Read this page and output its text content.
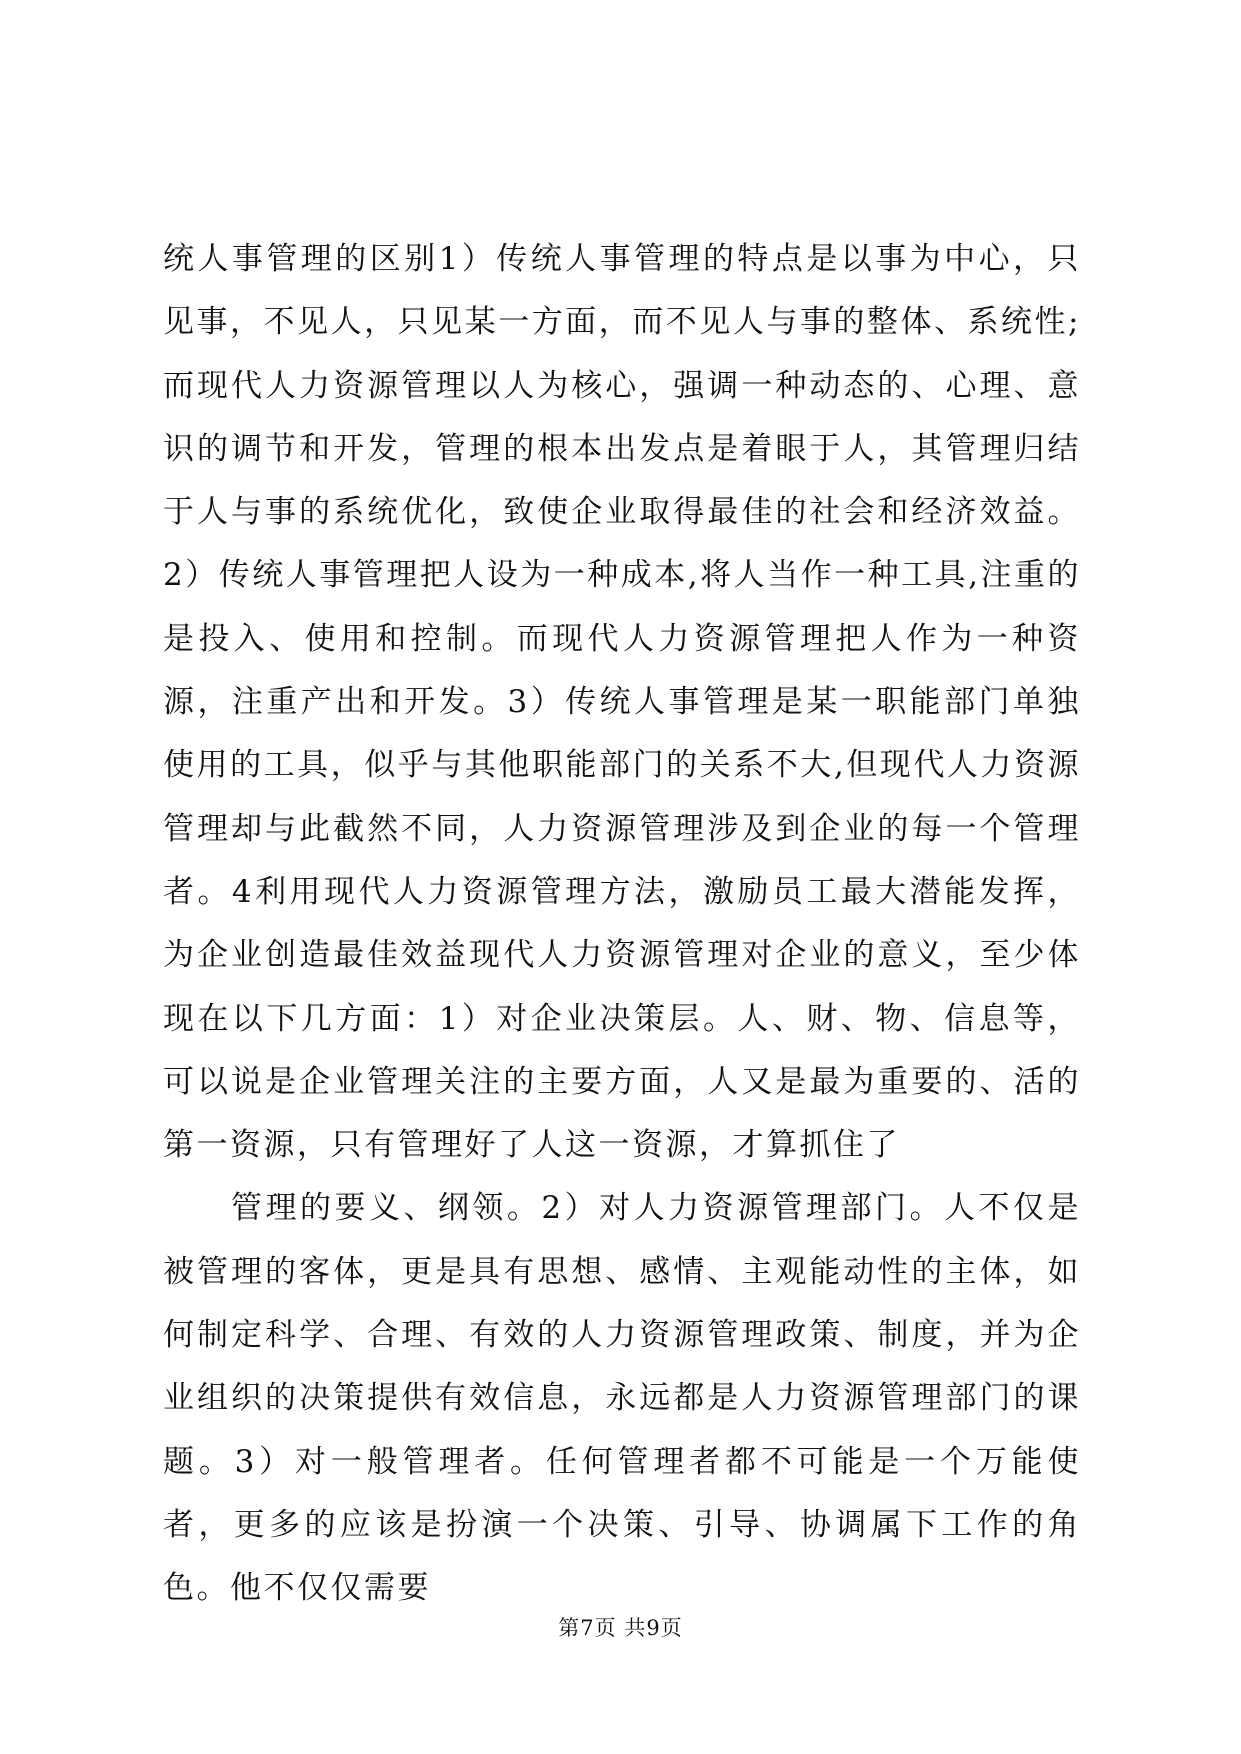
统人事管理的区别1）传统人事管理的特点是以事为中心，只见事，不见人，只见某一方面，而不见人与事的整体、系统性;而现代人力资源管理以人为核心，强调一种动态的、心理、意识的调节和开发，管理的根本出发点是着眼于人，其管理归结于人与事的系统优化，致使企业取得最佳的社会和经济效益。2）传统人事管理把人设为一种成本,将人当作一种工具,注重的是投入、使用和控制。而现代人力资源管理把人作为一种资源，注重产出和开发。3）传统人事管理是某一职能部门单独使用的工具，似乎与其他职能部门的关系不大,但现代人力资源管理却与此截然不同，人力资源管理涉及到企业的每一个管理者。4利用现代人力资源管理方法，激励员工最大潜能发挥，为企业创造最佳效益现代人力资源管理对企业的意义，至少体现在以下几方面：1）对企业决策层。人、财、物、信息等，可以说是企业管理关注的主要方面，人又是最为重要的、活的第一资源，只有管理好了人这一资源，才算抓住了

管理的要义、纲领。2）对人力资源管理部门。人不仅是被管理的客体，更是具有思想、感情、主观能动性的主体，如何制定科学、合理、有效的人力资源管理政策、制度，并为企业组织的决策提供有效信息，永远都是人力资源管理部门的课题。3）对一般管理者。任何管理者都不可能是一个万能使者，更多的应该是扮演一个决策、引导、协调属下工作的角色。他不仅仅需要

第7页 共9页
